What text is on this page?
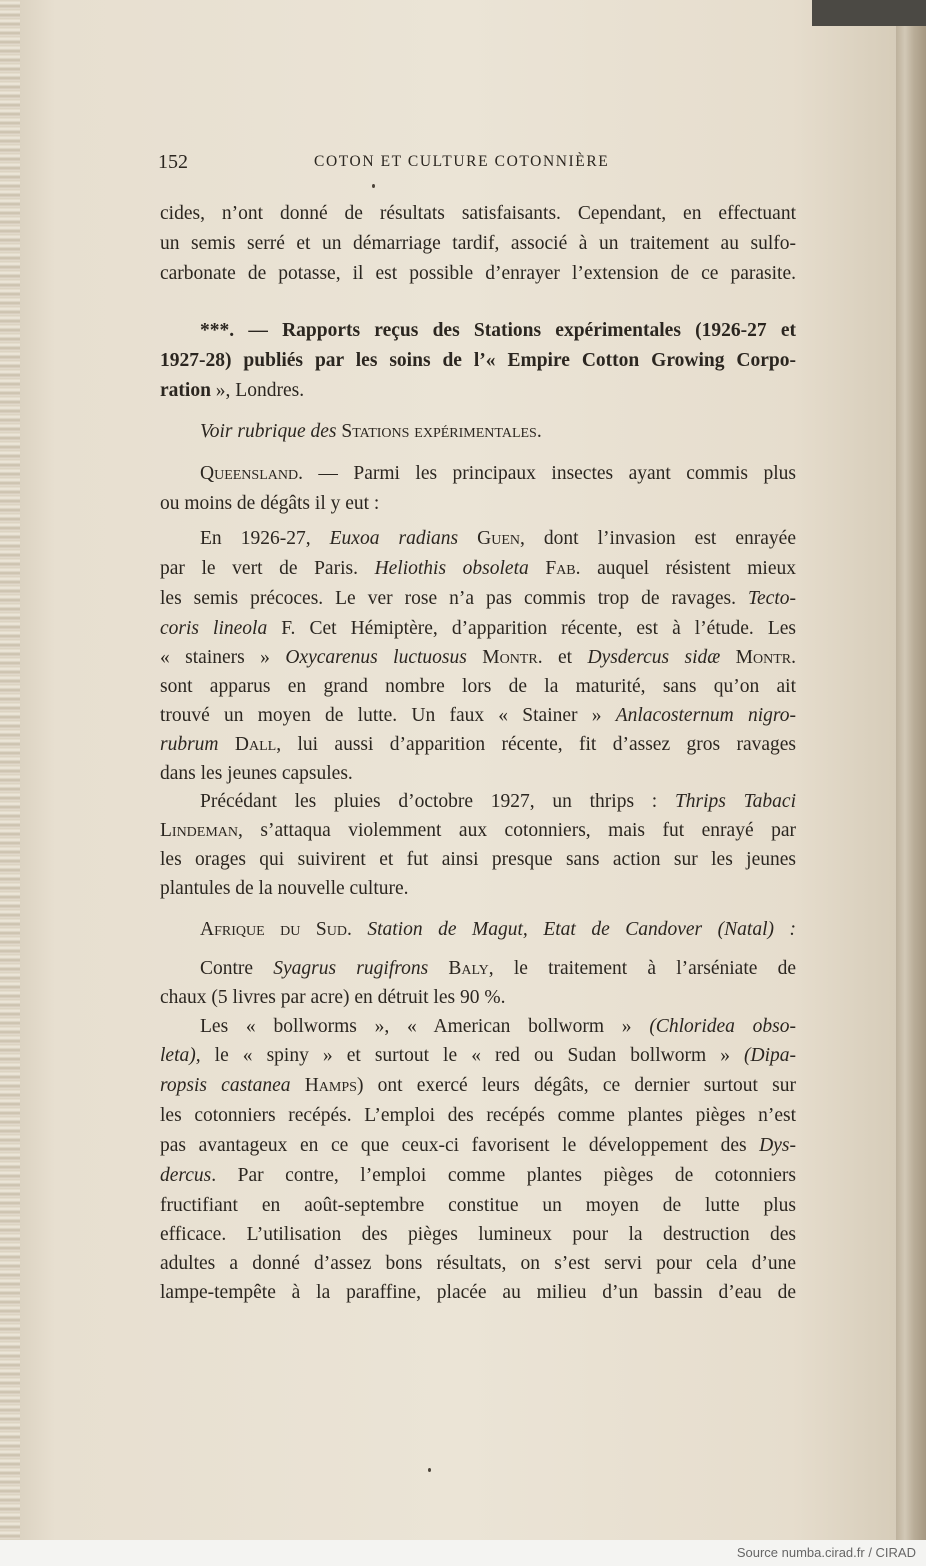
152	COTON ET CULTURE COTONNIÈRE

cides, n’ont donné de résultats satisfaisants. Cependant, en effectuant

un semis serré et un démarriage tardif, associé à un traitement au sulfo-

carbonate de potasse, il est possible d’enrayer l’extension de ce parasite.

***. — Rapports reçus des Stations expérimentales (1926-27 et

1927-28) publiés par les soins de l’« Empire Cotton Growing Corpo-

ration », Londres.

Voir rubrique des Stations expérimentales.

Queensland. — Parmi les principaux insectes ayant commis plus

ou moins de dégâts il y eut :

En 1926-27, Euxoa radians Guen, dont l’invasion est enrayée

par le vert de Paris. Heliothis obsoleta Fab. auquel résistent mieux

les semis précoces. Le ver rose n’a pas commis trop de ravages. Tecto-

coris lineola F. Cet Hémiptère, d’apparition récente, est à l’étude. Les

« stainers » Oxycarenus luctuosus Montr. et Dysdercus sidæ Montr.

sont apparus en grand nombre lors de la maturité, sans qu’on ait

trouvé un moyen de lutte. Un faux « Stainer » Anlacosternum nigro-

rubrum Dall, lui aussi d’apparition récente, fit d’assez gros ravages

dans les jeunes capsules.

Précédant les pluies d’octobre 1927, un thrips : Thrips Tabaci

Lindeman, s’attaqua violemment aux cotonniers, mais fut enrayé par

les orages qui suivirent et fut ainsi presque sans action sur les jeunes

plantules de la nouvelle culture.

Afrique du Sud. Station de Magut, Etat de Candover (Natal) :

Contre Syagrus rugifrons Baly, le traitement à l’arséniate de

chaux (5 livres par acre) en détruit les 90 %.

Les « bollworms », « American bollworm » (Chloridea obso-

leta), le « spiny » et surtout le « red ou Sudan bollworm » (Dipa-

ropsis castanea Hamps) ont exercé leurs dégâts, ce dernier surtout sur

les cotonniers recépés. L’emploi des recépés comme plantes pièges n’est

pas avantageux en ce que ceux-ci favorisent le développement des Dys-

dercus. Par contre, l’emploi comme plantes pièges de cotonniers

fructifiant en août-septembre constitue un moyen de lutte plus

efficace. L’utilisation des pièges lumineux pour la destruction des

adultes a donné d’assez bons résultats, on s’est servi pour cela d’une

lampe-tempête à la paraffine, placée au milieu d’un bassin d’eau de

Source numba.cirad.fr / CIRAD
